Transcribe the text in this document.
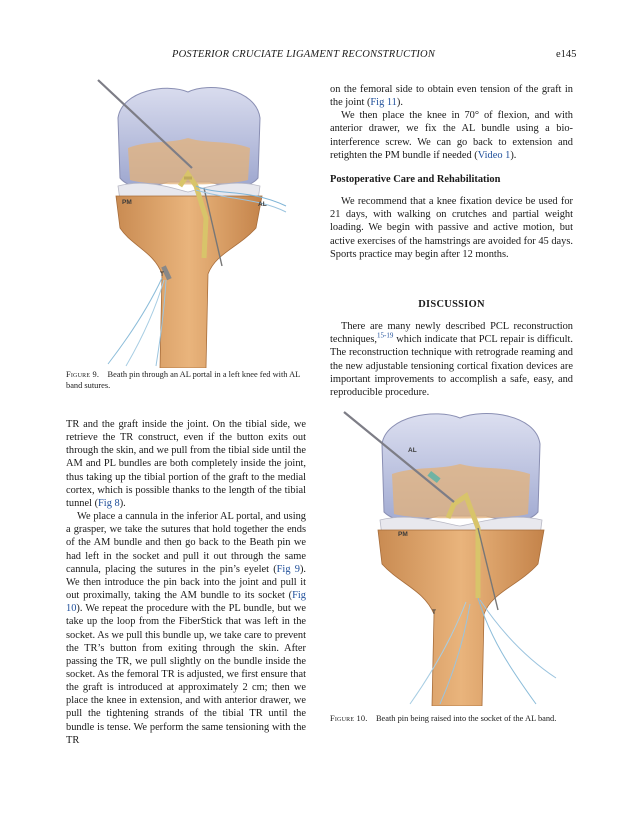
POSTERIOR CRUCIATE LIGAMENT RECONSTRUCTION	e145
PM	AL
T
Figure 9. Beath pin through an AL portal in a left knee fed with AL band sutures.

on the femoral side to obtain even tension of the graft in the joint (Fig 11).

We then place the knee in 70° of flexion, and with anterior drawer, we fix the AL bundle using a bio-interference screw. We can go back to extension and retighten the PM bundle if needed (Video 1).

Postoperative Care and Rehabilitation

We recommend that a knee fixation device be used for 21 days, with walking on crutches and partial weight loading. We begin with passive and active motion, but active exercises of the hamstrings are avoided for 45 days. Sports practice may begin after 12 months.

DISCUSSION

There are many newly described PCL reconstruction techniques,$^{15-19}$ which indicate that PCL repair is difficult. The reconstruction technique with retrograde reaming and the new adjustable tensioning cortical fixation devices are important improvements to accomplish a safe, easy, and reproducible procedure.

TR and the graft inside the joint. On the tibial side, we retrieve the TR construct, even if the button exits out through the skin, and we pull from the tibial side until the AM and PL bundles are both completely inside the joint, thus taking up the tibial portion of the graft to the medial cortex, which is possible thanks to the length of the tibial tunnel (Fig 8).

We place a cannula in the inferior AL portal, and using a grasper, we take the sutures that hold together the ends of the AM bundle and then go back to the Beath pin we had left in the socket and pull it out through the same cannula, placing the sutures in the pin’s eyelet (Fig 9). We then introduce the pin back into the joint and pull it out proximally, taking the AM bundle to its socket (Fig 10). We repeat the procedure with the PL bundle, but we take up the loop from the FiberStick that was left in the socket. As we pull this bundle up, we take care to prevent the TR’s button from exiting through the skin. After passing the TR, we pull slightly on the bundle inside the socket. As the femoral TR is adjusted, we first ensure that the graft is introduced at approximately 2 cm; then we place the knee in extension, and with anterior drawer, we pull the tightening strands of the tibial TR until the bundle is tense. We perform the same tensioning with the TR

AL
PM
T
Figure 10. Beath pin being raised into the socket of the AL band.
